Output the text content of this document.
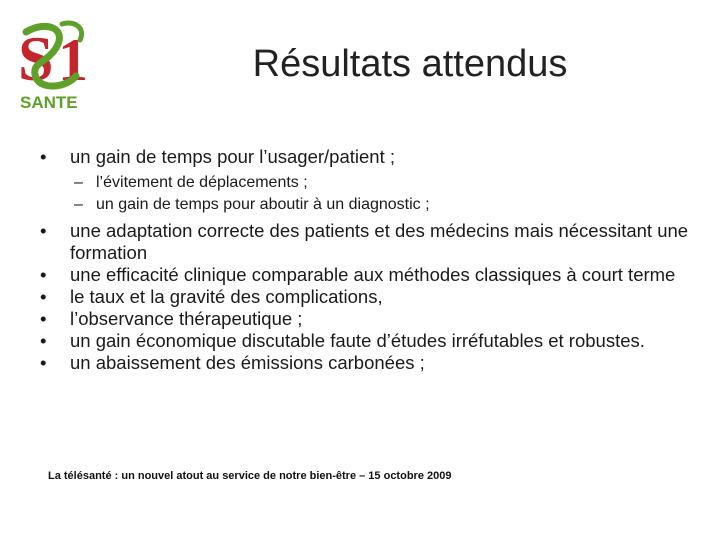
S 1
SANTE
Résultats attendus
•	un gain de temps pour l’usager/patient ;
– l’évitement de déplacements ;
– un gain de temps pour aboutir à un diagnostic ;
•	une adaptation correcte des patients et des médecins mais nécessitant une formation
•	une efficacité clinique comparable aux méthodes classiques à court terme
•	le taux et la gravité des complications,
•	l’observance thérapeutique ;
•	un gain économique discutable faute d’études irréfutables et robustes.
•	un abaissement des émissions carbonées ;
La télésanté : un nouvel atout au service de notre bien-être – 15 octobre 2009
